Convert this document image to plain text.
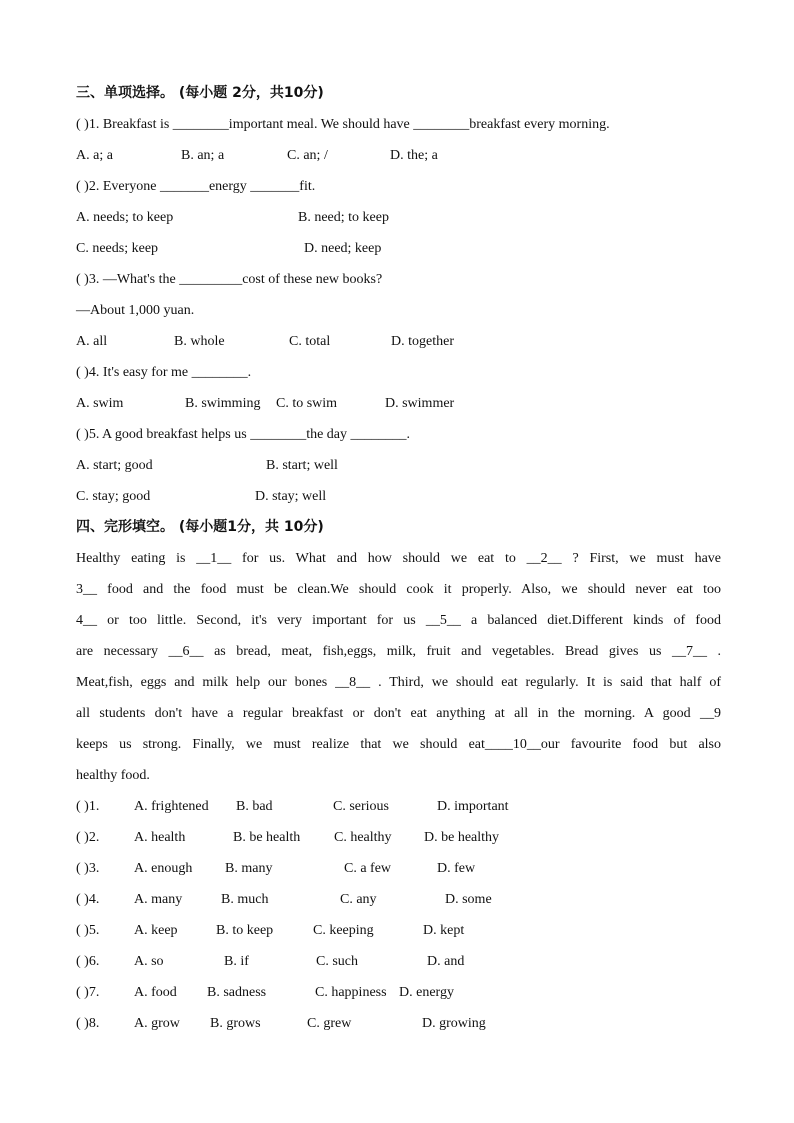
三、单项选择。 (每小题 2分，共10分)
( )1. Breakfast is ________important meal. We should have ________breakfast every morning.
A. a; a	B. an; a	C. an; /	D. the; a
( )2. Everyone _______energy _______fit.
A. needs; to keep	B. need; to keep
C. needs; keep	D. need; keep
( )3. —What's the _________cost of these new books?
—About 1,000 yuan.
A. all	B. whole	C. total	D. together
( )4. It's easy for me ________.
A. swim	B. swimming C. to swim	D. swimmer
( )5. A good breakfast helps us ________the day ________.
A. start; good	B. start; well
C. stay; good	D. stay; well
四、完形填空。 (每小题1分，共 10分)
Healthy eating is __1__ for us. What and how should we eat to __2__ ? First, we must have
3__ food and the food must be clean.We should cook it properly. Also, we should never eat too
4__ or too little. Second, it's very important for us __5__ a balanced diet.Different kinds of food
are necessary __6__ as bread, meat, fish,eggs, milk, fruit and vegetables. Bread gives us __7__ .
Meat,fish, eggs and milk help our bones __8__ . Third, we should eat regularly. It is said that half of
all students don't have a regular breakfast or don't eat anything at all in the morning. A good __9
keeps us strong. Finally, we must realize that we should eat____10__our favourite food but also
healthy food.
( )1. A. frightened B. bad	C. serious	D. important
( )2. A. health	B. be health C. healthy D. be healthy
( )3. A. enough B. many	C. a few	D. few
( )4. A. many	B. much	C. any	D. some
( )5. A. keep	B. to keep	C. keeping	D. kept
( )6. A. so	B. if	C. such	D. and
( )7. A. food B. sadness	C. happiness D. energy
( )8. A. grow B. grows	C. grew	D. growing
